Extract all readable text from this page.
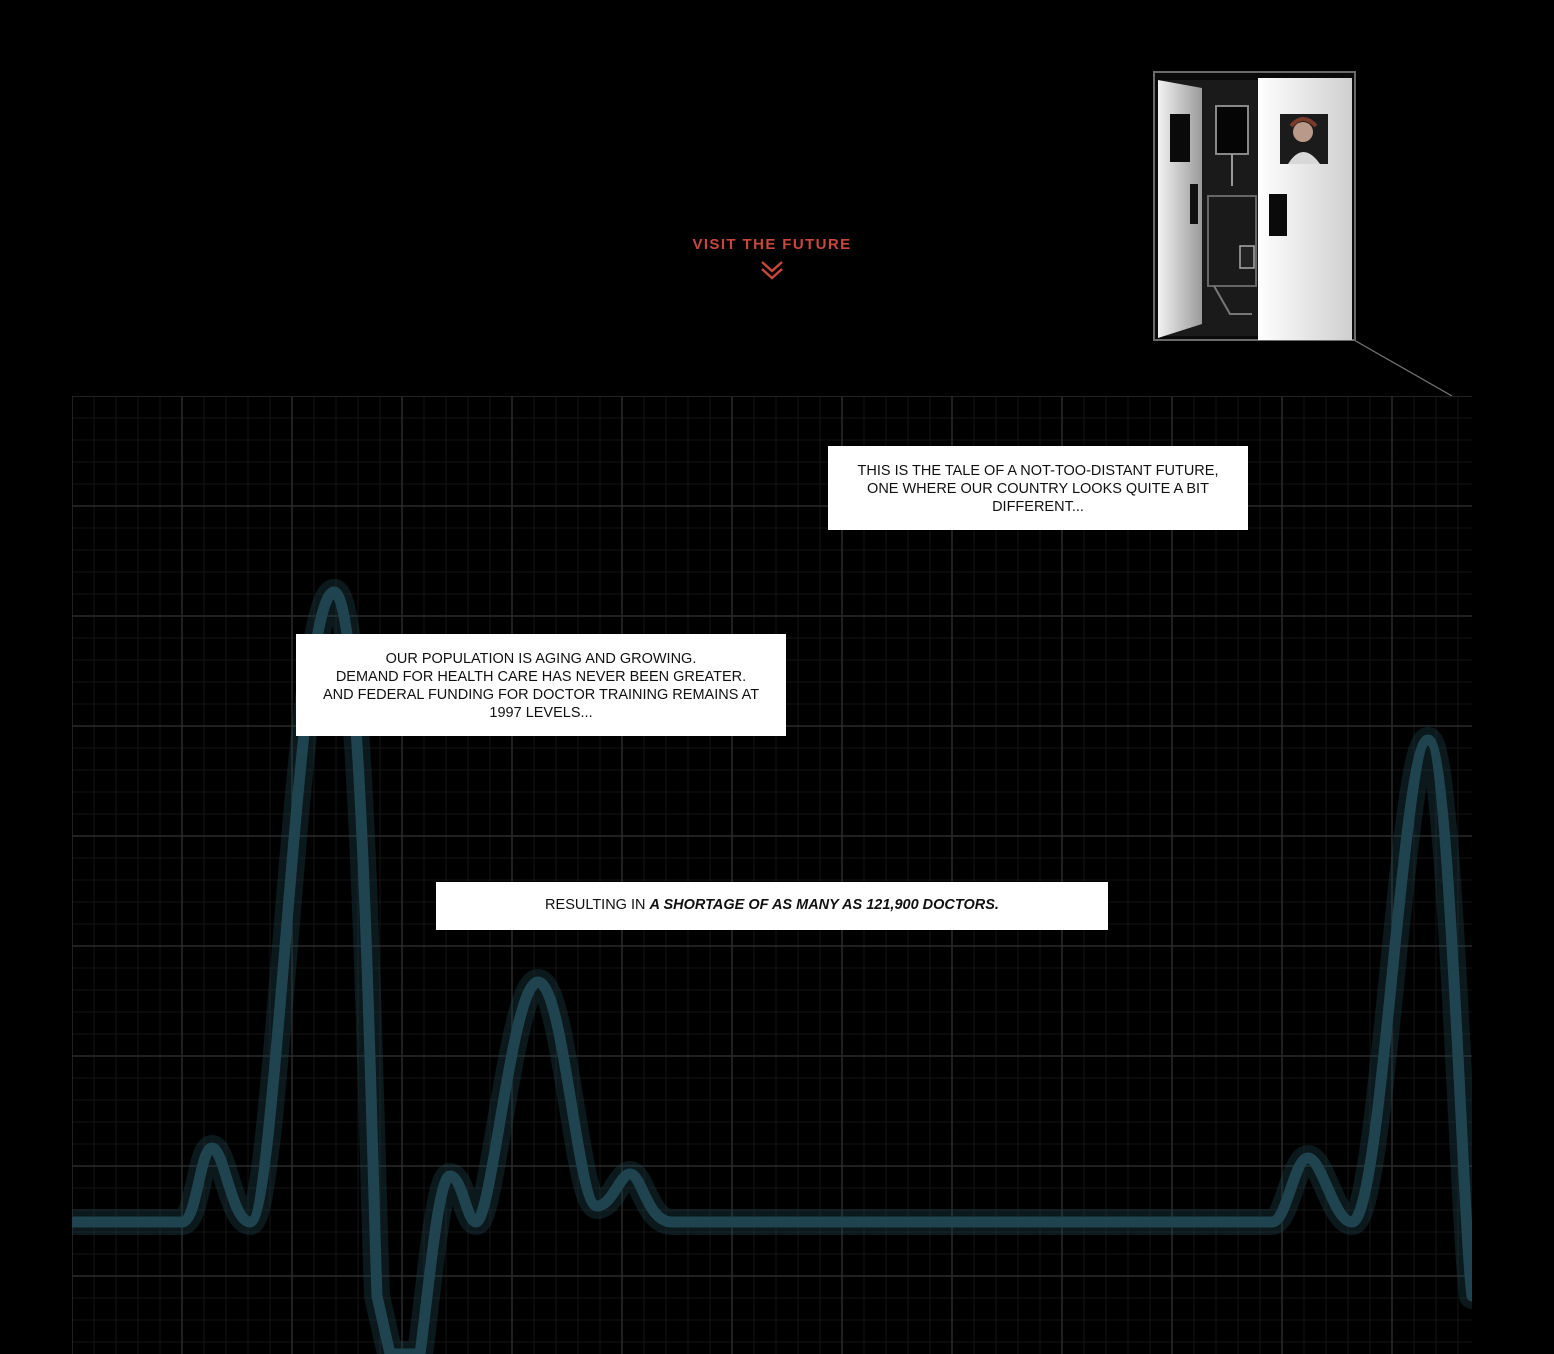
VISIT THE FUTURE
THIS IS THE TALE OF A NOT-TOO-DISTANT FUTURE, ONE WHERE OUR COUNTRY LOOKS QUITE A BIT DIFFERENT...
OUR POPULATION IS AGING AND GROWING.
DEMAND FOR HEALTH CARE HAS NEVER BEEN GREATER. AND FEDERAL FUNDING FOR DOCTOR TRAINING REMAINS AT 1997 LEVELS...
RESULTING IN A SHORTAGE OF AS MANY AS 121,900 DOCTORS.
